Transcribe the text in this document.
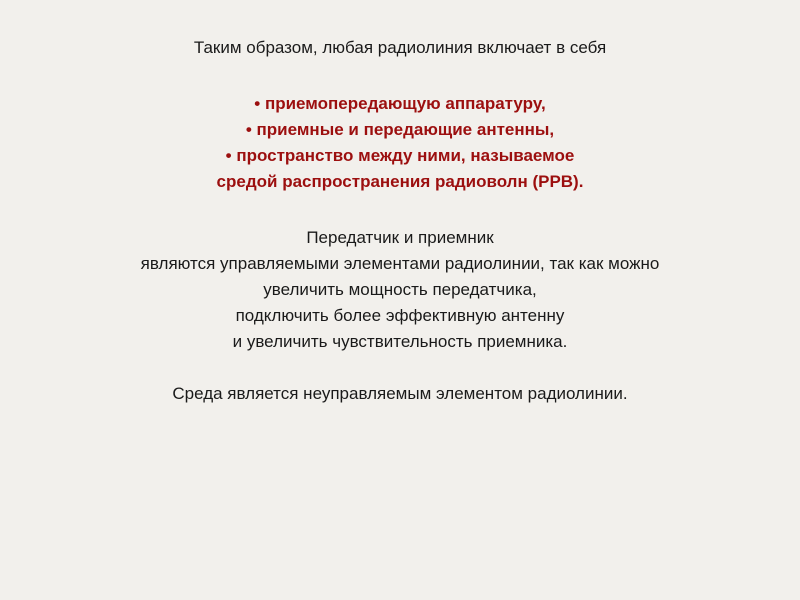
Таким образом, любая радиолиния включает в себя
• приемопередающую аппаратуру,
• приемные и передающие антенны,
• пространство между ними, называемое
средой распространения радиоволн (РРВ).
Передатчик и приемник
являются управляемыми элементами радиолинии, так как можно
увеличить мощность передатчика,
подключить более эффективную антенну
и увеличить чувствительность приемника.
Среда является неуправляемым элементом радиолинии.
